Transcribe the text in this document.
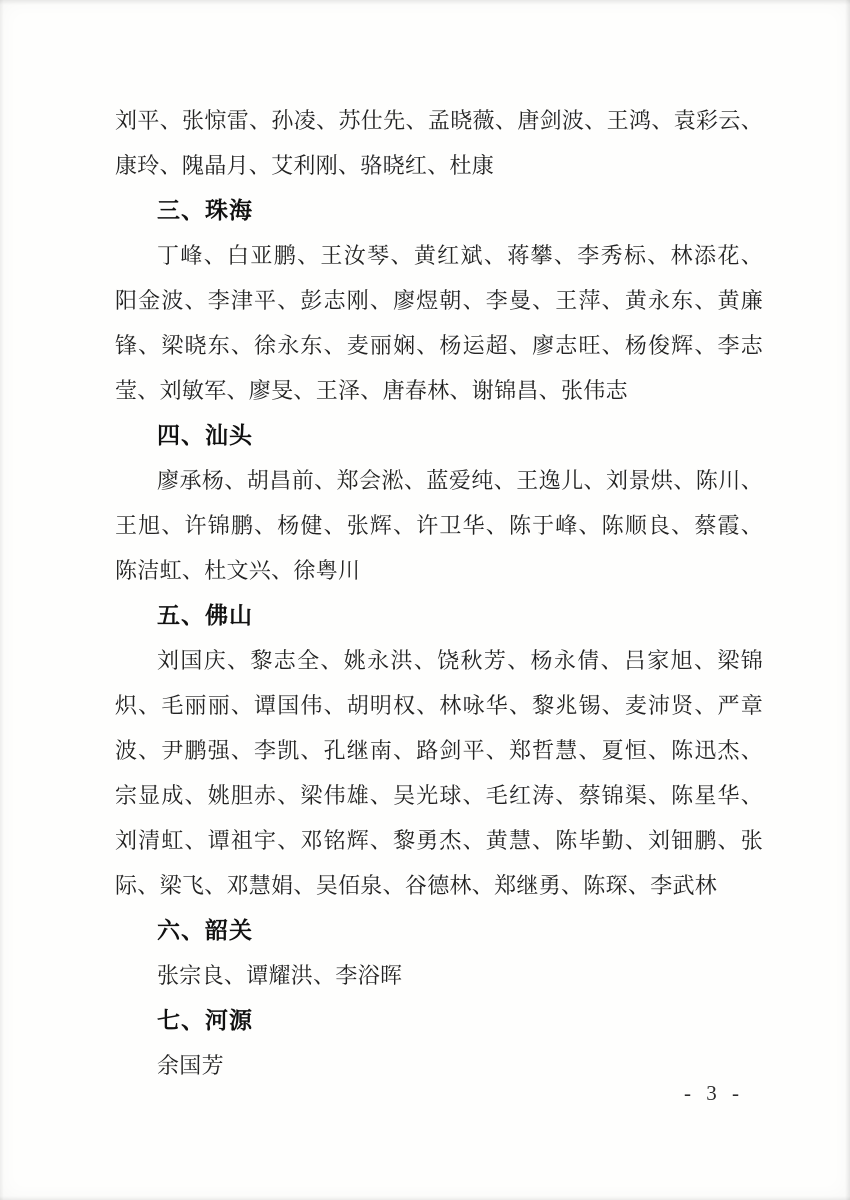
刘平、张惊雷、孙凌、苏仕先、孟晓薇、唐剑波、王鸿、袁彩云、
康玲、隗晶月、艾利刚、骆晓红、杜康
三、珠海
丁峰、白亚鹏、王汝琴、黄红斌、蒋攀、李秀标、林添花、
阳金波、李津平、彭志刚、廖煜朝、李曼、王萍、黄永东、黄廉
锋、梁晓东、徐永东、麦丽娴、杨运超、廖志旺、杨俊辉、李志
莹、刘敏军、廖旻、王泽、唐春林、谢锦昌、张伟志
四、汕头
廖承杨、胡昌前、郑会淞、蓝爱纯、王逸儿、刘景烘、陈川、
王旭、许锦鹏、杨健、张辉、许卫华、陈于峰、陈顺良、蔡霞、
陈洁虹、杜文兴、徐粤川
五、佛山
刘国庆、黎志全、姚永洪、饶秋芳、杨永倩、吕家旭、梁锦
炽、毛丽丽、谭国伟、胡明权、林咏华、黎兆锡、麦沛贤、严章
波、尹鹏强、李凯、孔继南、路剑平、郑哲慧、夏恒、陈迅杰、
宗显成、姚胆赤、梁伟雄、吴光球、毛红涛、蔡锦渠、陈星华、
刘清虹、谭祖宇、邓铭辉、黎勇杰、黄慧、陈毕勤、刘钿鹏、张
际、梁飞、邓慧娟、吴佰泉、谷德林、郑继勇、陈琛、李武林
六、韶关
张宗良、谭耀洪、李浴晖
七、河源
余国芳
- 3 -
